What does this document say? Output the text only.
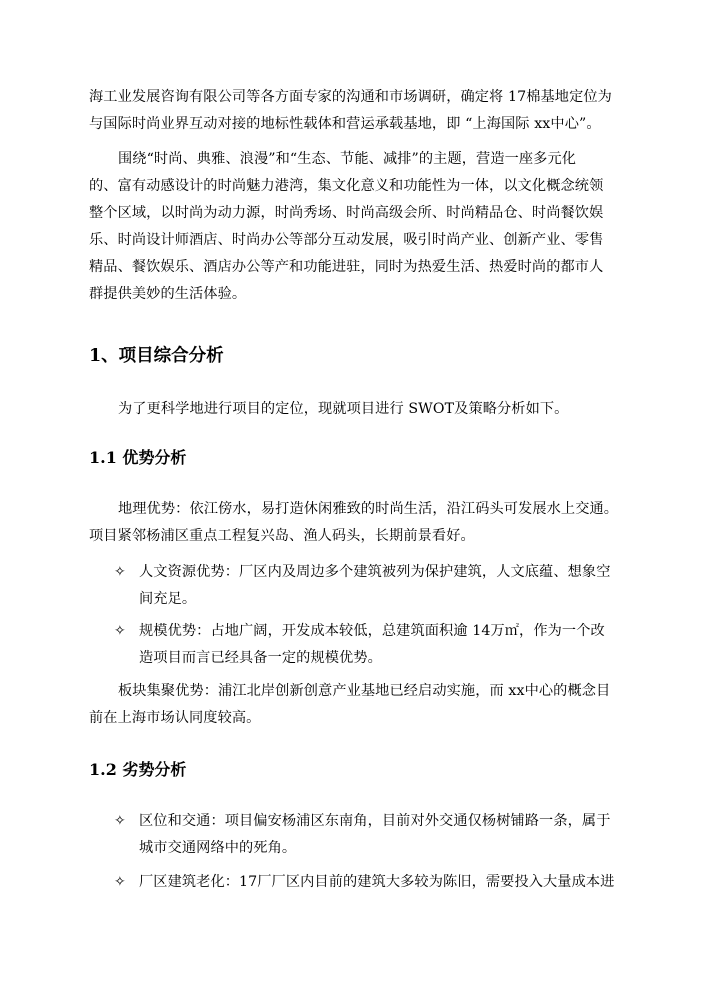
海工业发展咨询有限公司等各方面专家的沟通和市场调研，确定将 17棉基地定位为

与国际时尚业界互动对接的地标性载体和营运承载基地，即 “上海国际 xx中心”。

围绕“时尚、典雅、浪漫”和“生态、节能、减排”的主题，营造一座多元化

的、富有动感设计的时尚魅力港湾，集文化意义和功能性为一体，以文化概念统领

整个区域，以时尚为动力源，时尚秀场、时尚高级会所、时尚精品仓、时尚餐饮娱

乐、时尚设计师酒店、时尚办公等部分互动发展，吸引时尚产业、创新产业、零售

精品、餐饮娱乐、酒店办公等产和功能进驻，同时为热爱生活、热爱时尚的都市人

群提供美妙的生活体验。

1、项目综合分析

为了更科学地进行项目的定位，现就项目进行 SWOT及策略分析如下。

1.1 优势分析

地理优势：依江傍水，易打造休闲雅致的时尚生活，沿江码头可发展水上交通。

项目紧邻杨浦区重点工程复兴岛、渔人码头，长期前景看好。

✧ 人文资源优势：厂区内及周边多个建筑被列为保护建筑，人文底蕴、想象空

间充足。

✧ 规模优势：占地广阔，开发成本较低，总建筑面积逾 14万㎡，作为一个改

造项目而言已经具备一定的规模优势。

板块集聚优势：浦江北岸创新创意产业基地已经启动实施，而 xx中心的概念目

前在上海市场认同度较高。

1.2 劣势分析
✧ 区位和交通：项目偏安杨浦区东南角，目前对外交通仅杨树铺路一条，属于

城市交通网络中的死角。

✧ 厂区建筑老化：17厂厂区内目前的建筑大多较为陈旧，需要投入大量成本进
